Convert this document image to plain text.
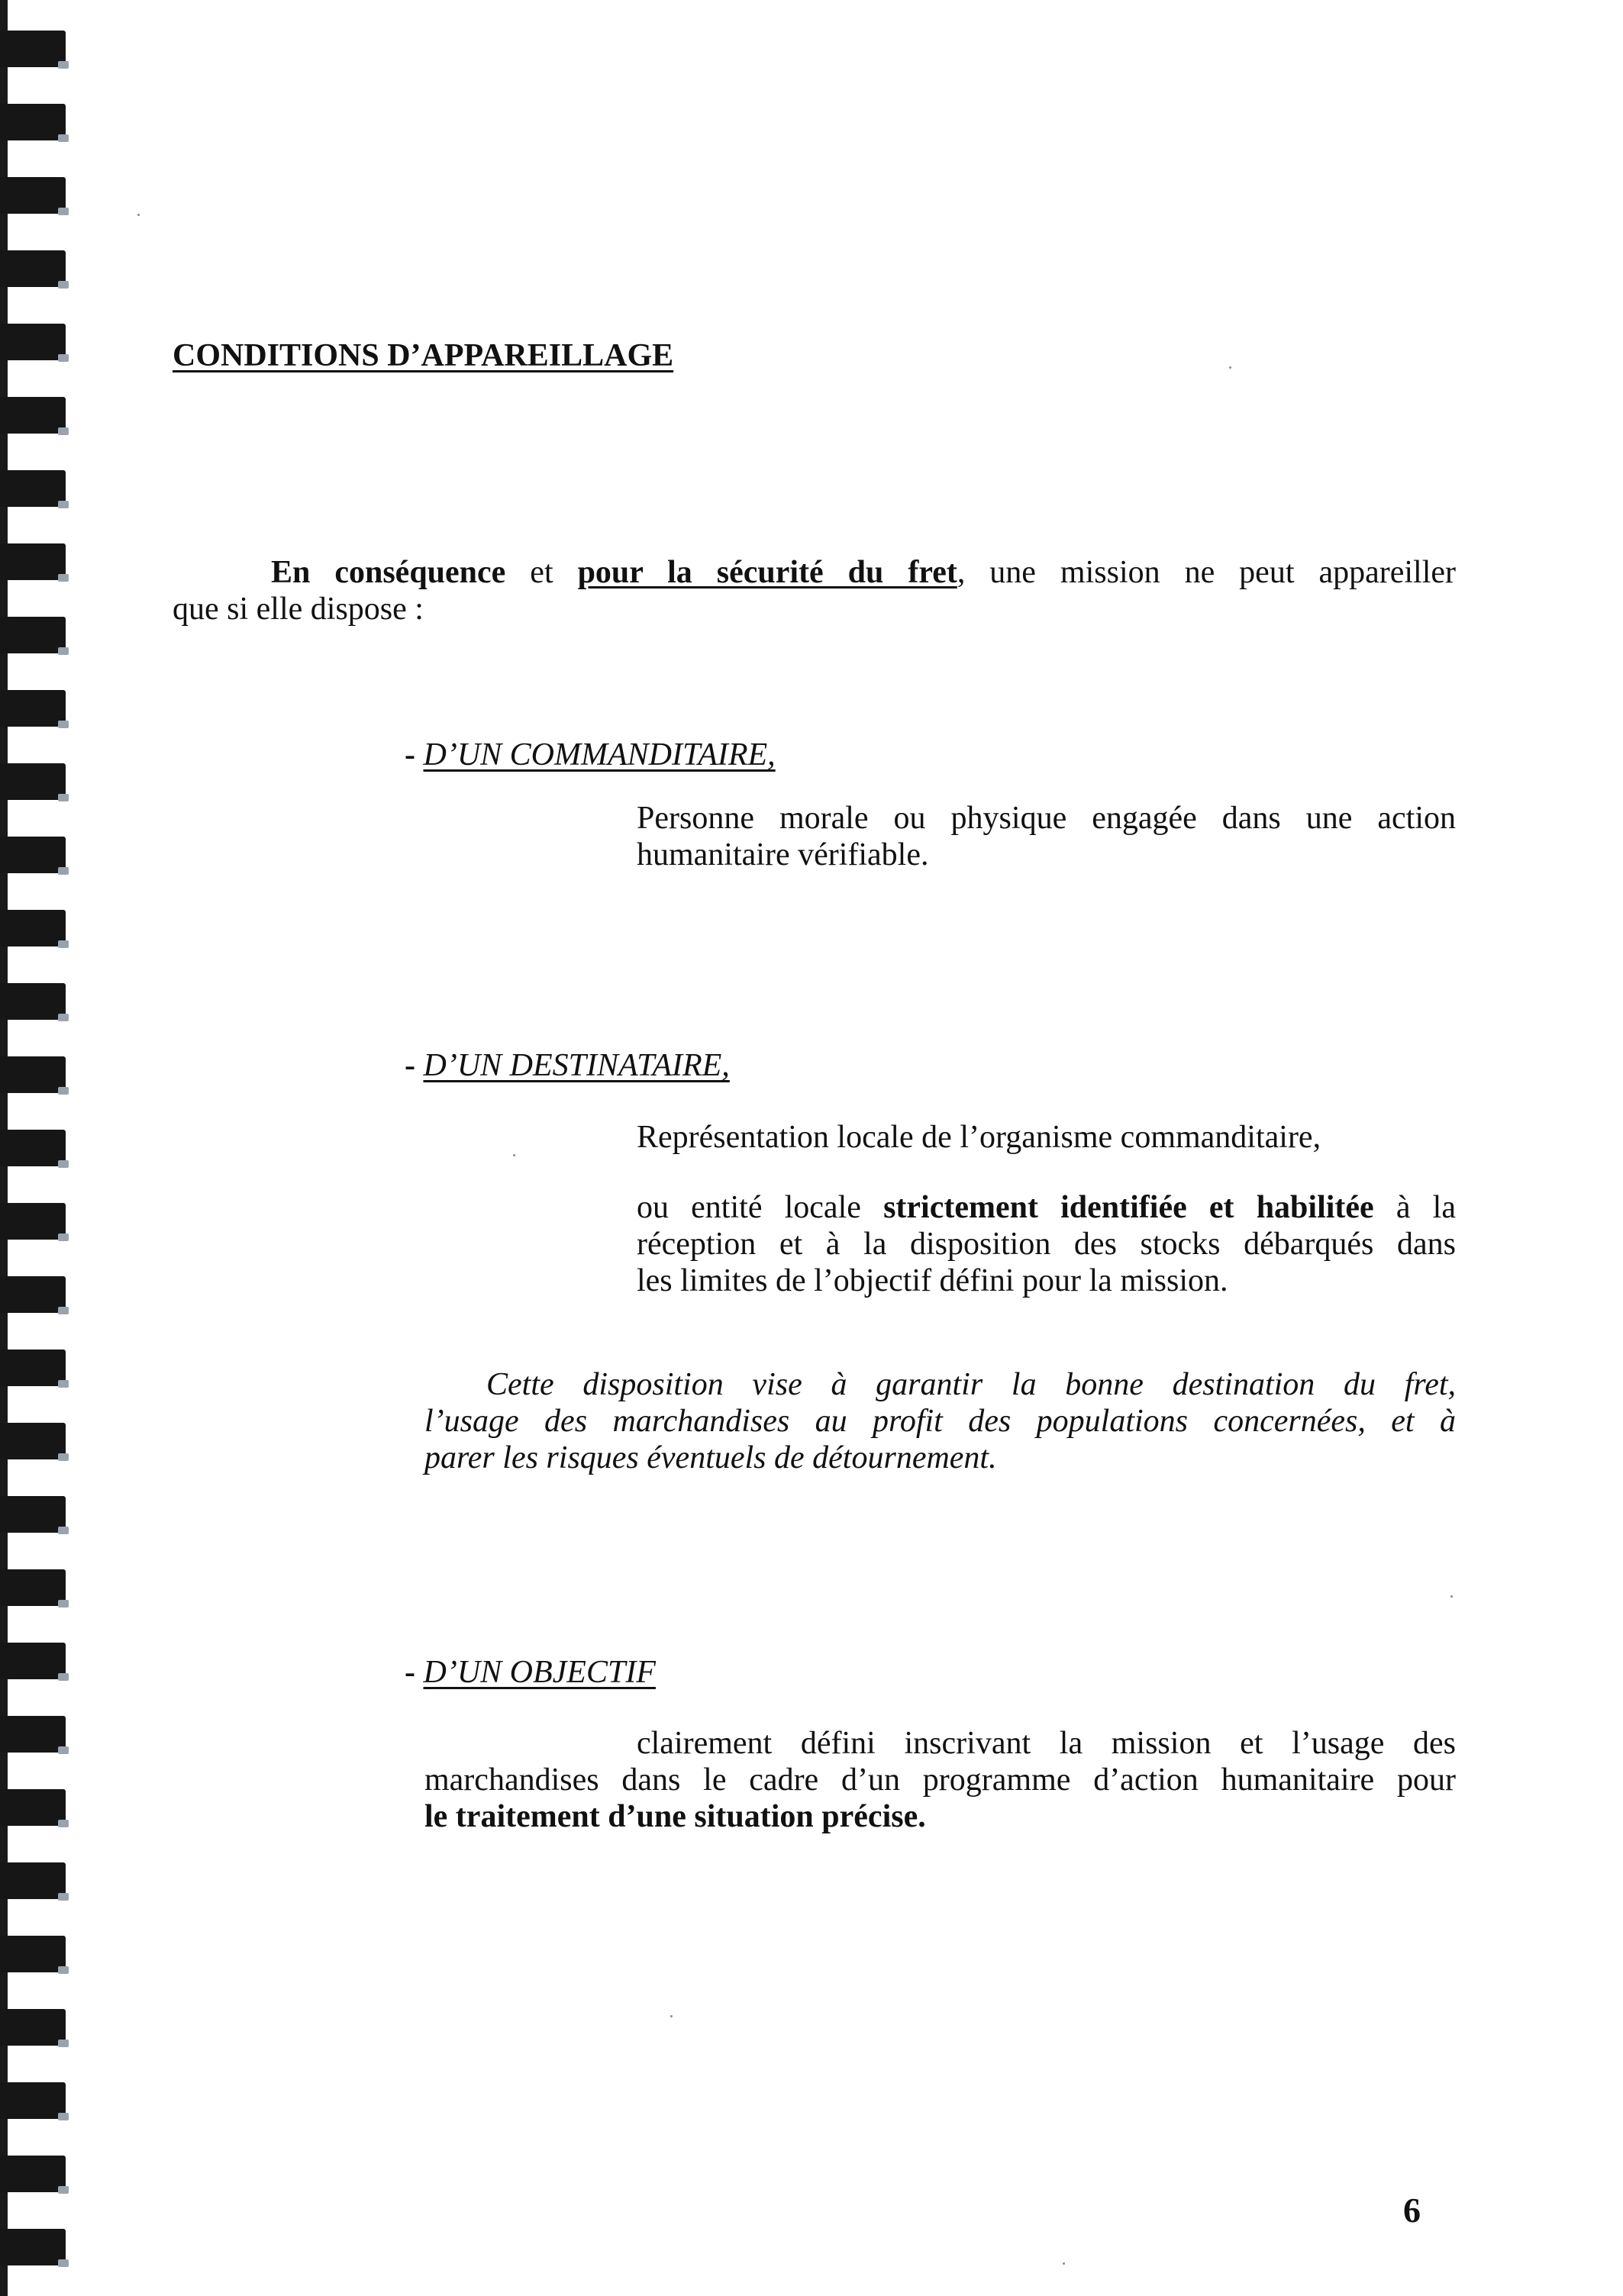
CONDITIONS D’APPAREILLAGE
En conséquence et pour la sécurité du fret, une mission ne peut appareiller
que si elle dispose :
- D’UN COMMANDITAIRE,
Personne morale ou physique engagée dans une action
humanitaire vérifiable.
- D’UN DESTINATAIRE,
Représentation locale de l’organisme commanditaire,
ou entité locale strictement identifiée et habilitée à la
réception et à la disposition des stocks débarqués dans
les limites de l’objectif défini pour la mission.
Cette disposition vise à garantir la bonne destination du fret,
l’usage des marchandises au profit des populations concernées, et à
parer les risques éventuels de détournement.
- D’UN OBJECTIF
clairement défini inscrivant la mission et l’usage des
marchandises dans le cadre d’un programme d’action humanitaire pour
le traitement d’une situation précise.
6
